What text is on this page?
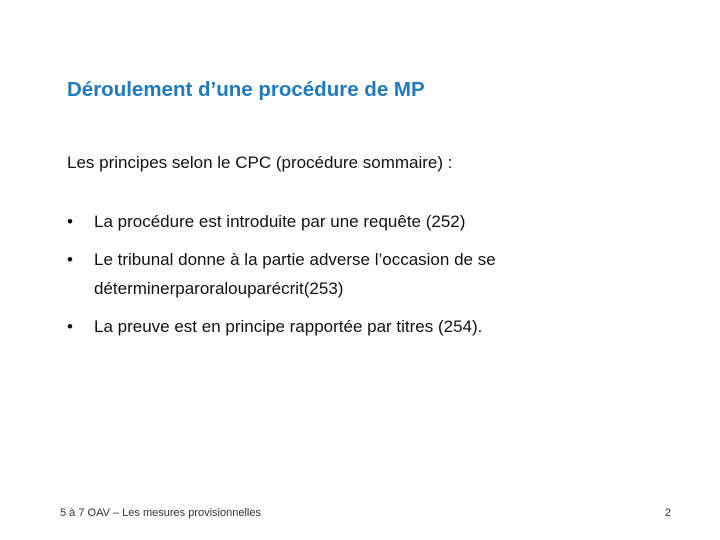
Déroulement d’une procédure de MP
Les principes selon le CPC (procédure sommaire) :
• La procédure est introduite par une requête (252)
• Le tribunal donne à la partie adverse l’occasion de se
déterminerparoralouparécrit(253)
• La preuve est en principe rapportée par titres (254).
5 à 7 OAV – Les mesures provisionnelles	2
